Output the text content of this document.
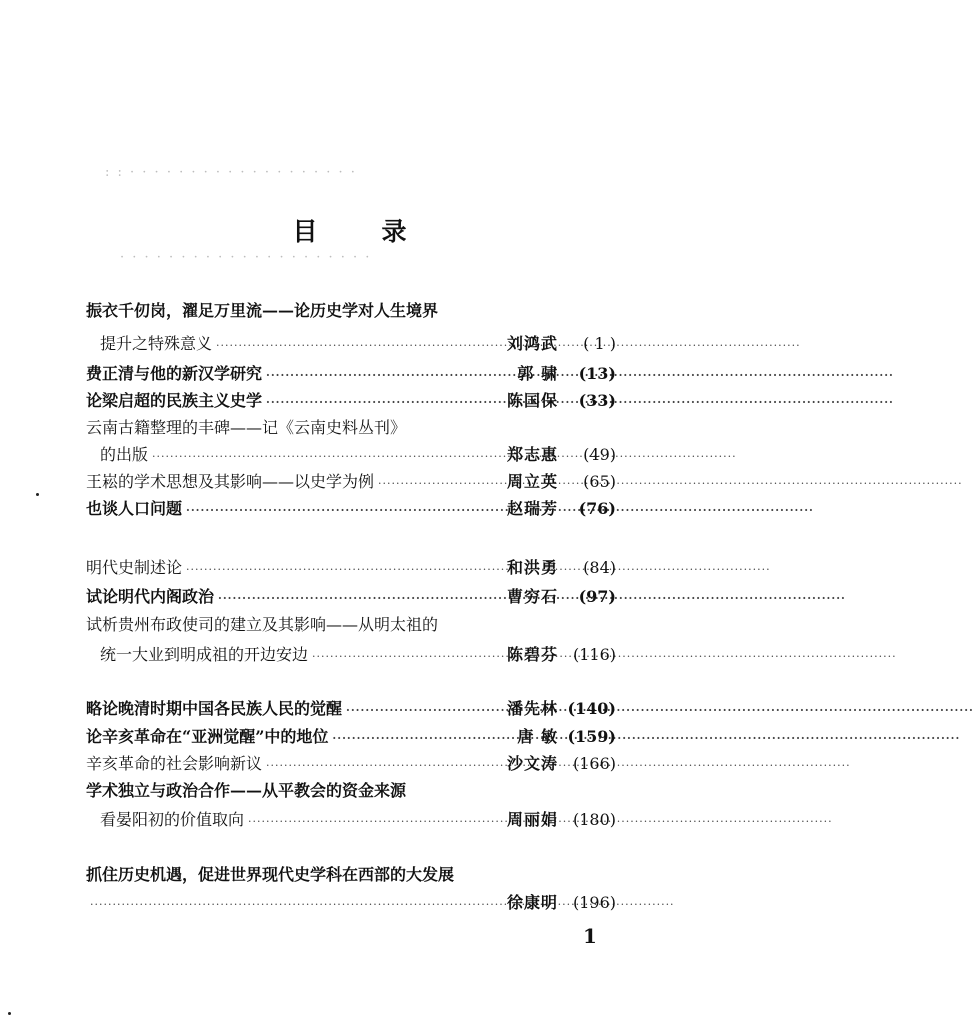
: : · · · · · · · · · · · · · · · · · · ·
· · · · · · · · · · · · · · · · · · · · ·
目 录
振衣千仞岗，濯足万里流——论历史学对人生境界
提升之特殊意义 ·····	刘鸿武	( 1 )
费正清与他的新汉学研究 ·····	郭 骕	(13)
论梁启超的民族主义史学 ·····	陈国保	(33)
云南古籍整理的丰碑——记《云南史料丛刊》
的出版 ·····	郑志惠	(49)
王崧的学术思想及其影响——以史学为例 ·····	周立英	(65)
也谈人口问题 ·····	赵瑞芳	(76)
明代史制述论 ·····	和洪勇	(84)
试论明代内阁政治 ·····	曹穷石	(97)
试析贵州布政使司的建立及其影响——从明太祖的
统一大业到明成祖的开边安边 ·····	陈碧芬 (116)
略论晚清时期中国各民族人民的觉醒 ·····	潘先林 (140)
论辛亥革命在“亚洲觉醒”中的地位 ·····	唐 敏 (159)
辛亥革命的社会影响新议 ·····	沙文涛 (166)
学术独立与政治合作——从平教会的资金来源
看晏阳初的价值取向 ·····	周丽娟 (180)
抓住历史机遇，促进世界现代史学科在西部的大发展
·····
徐康明 (196)
1
